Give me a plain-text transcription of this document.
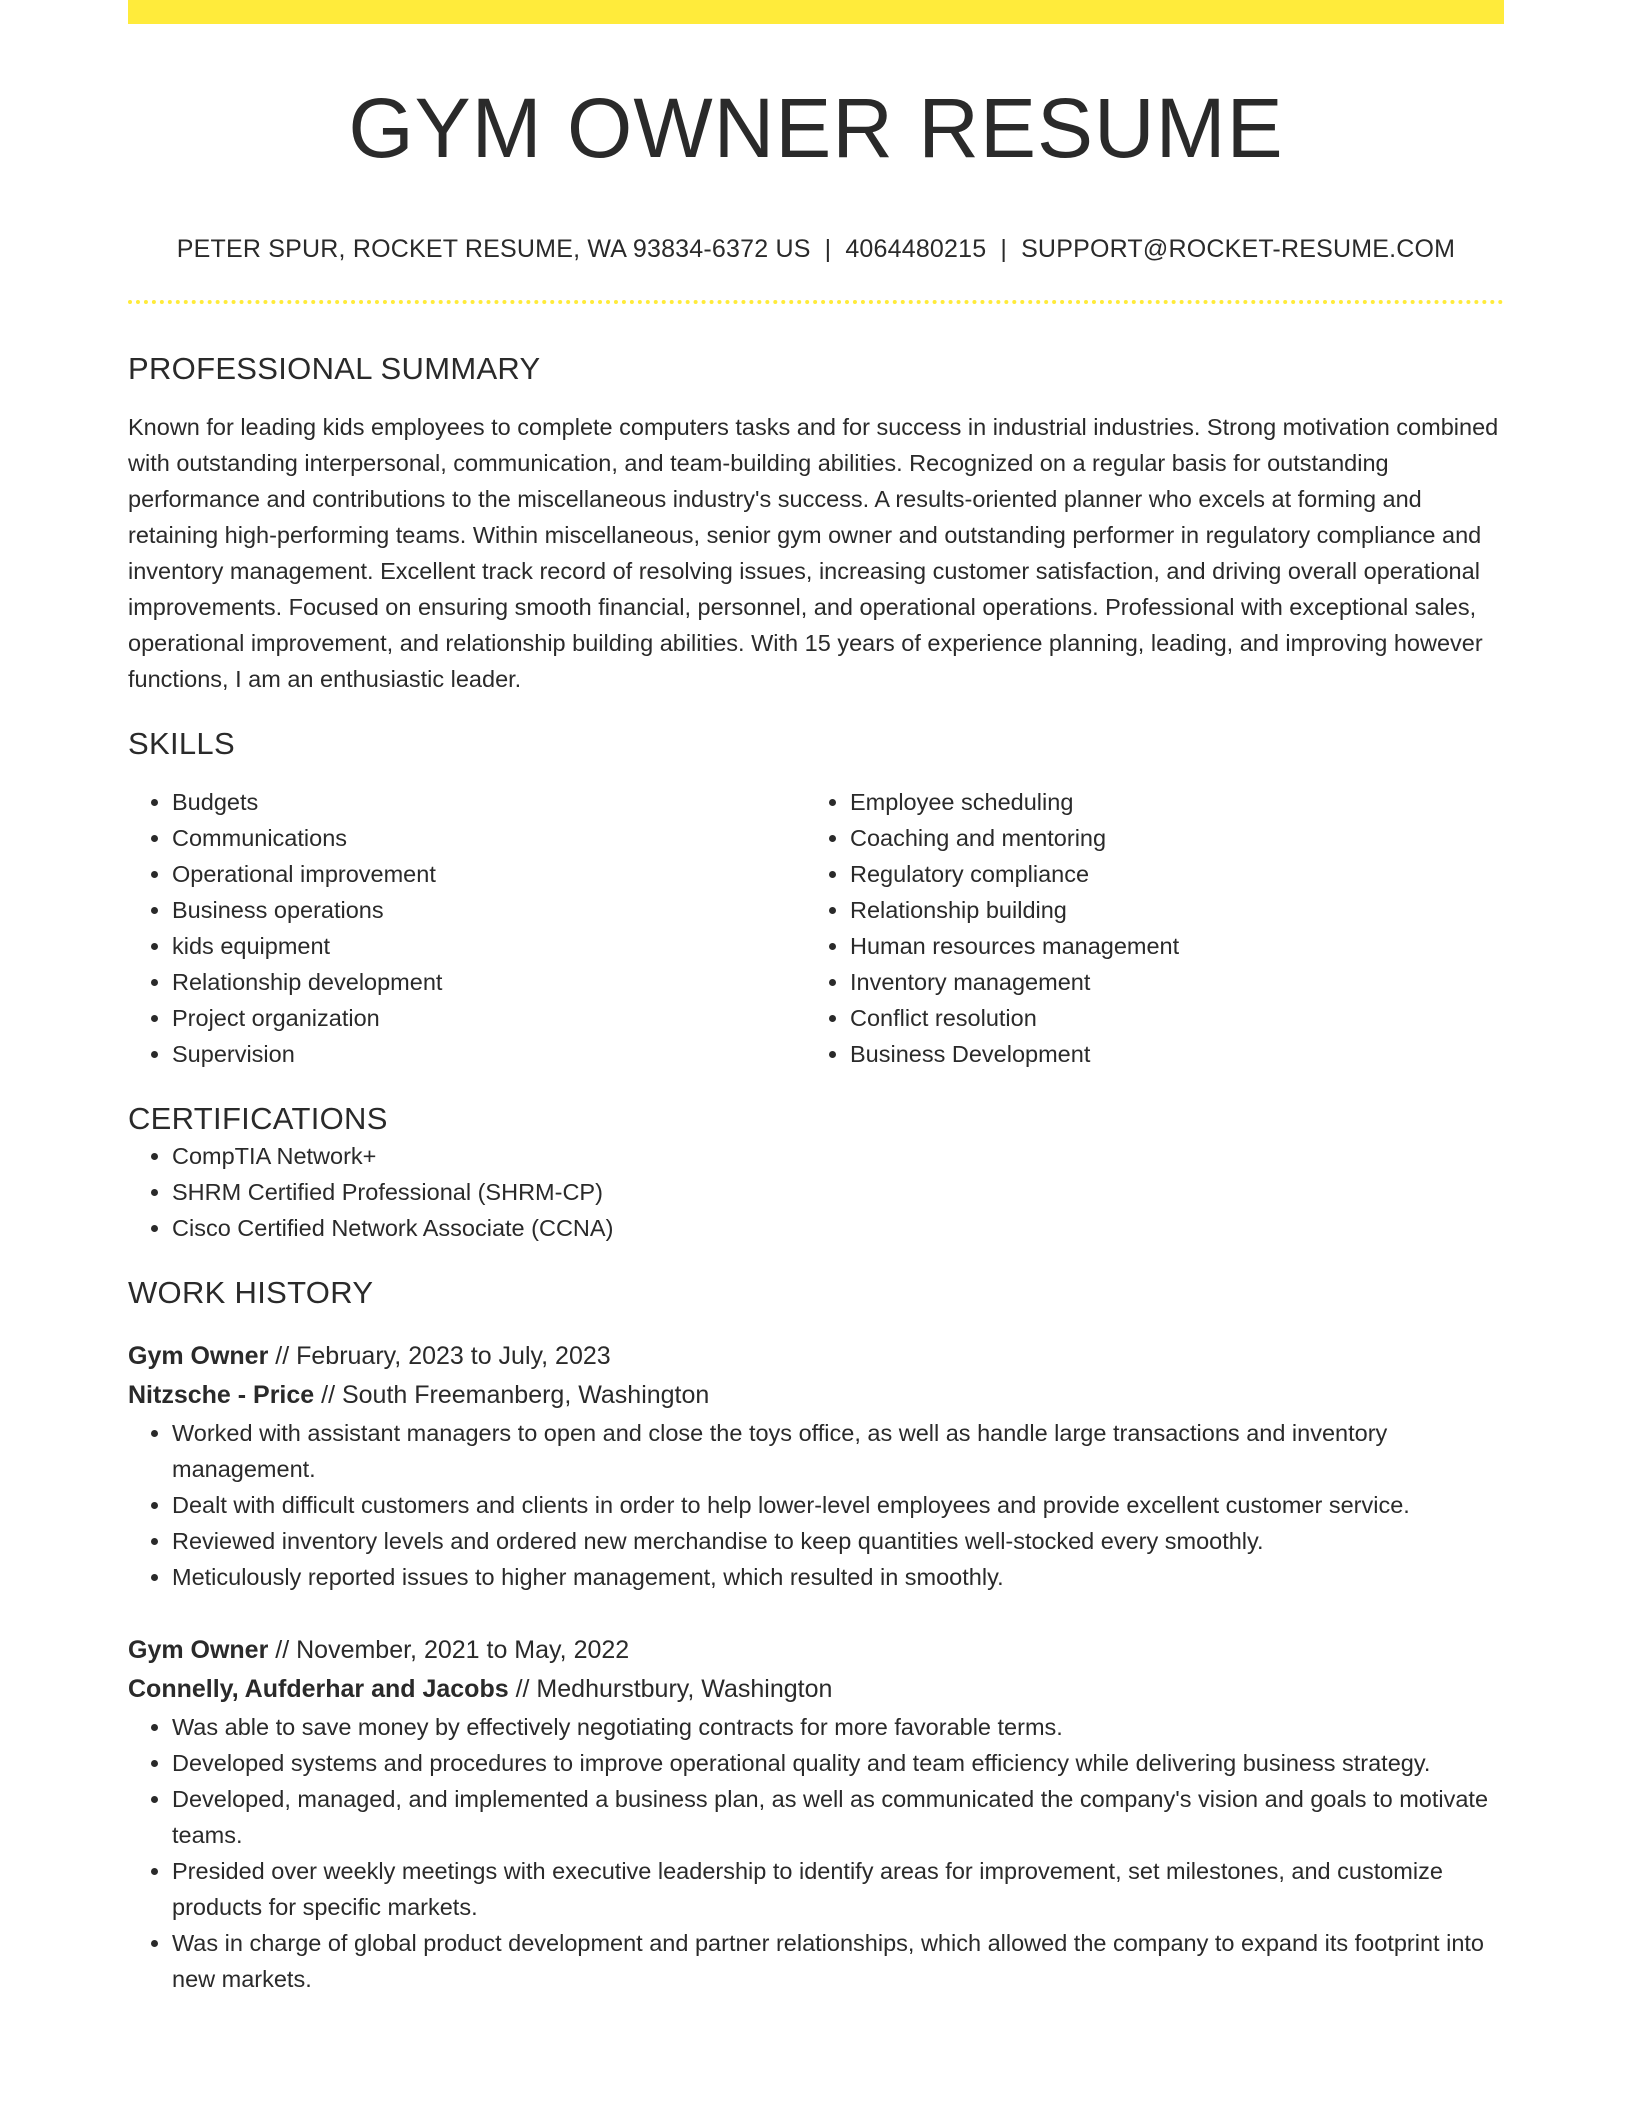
GYM OWNER RESUME
PETER SPUR, ROCKET RESUME, WA 93834-6372 US | 4064480215 | SUPPORT@ROCKET-RESUME.COM
PROFESSIONAL SUMMARY
Known for leading kids employees to complete computers tasks and for success in industrial industries. Strong motivation combined with outstanding interpersonal, communication, and team-building abilities. Recognized on a regular basis for outstanding performance and contributions to the miscellaneous industry's success. A results-oriented planner who excels at forming and retaining high-performing teams. Within miscellaneous, senior gym owner and outstanding performer in regulatory compliance and inventory management. Excellent track record of resolving issues, increasing customer satisfaction, and driving overall operational improvements. Focused on ensuring smooth financial, personnel, and operational operations. Professional with exceptional sales, operational improvement, and relationship building abilities. With 15 years of experience planning, leading, and improving however functions, I am an enthusiastic leader.
SKILLS
• Budgets
• Communications
• Operational improvement
• Business operations
• kids equipment
• Relationship development
• Project organization
• Supervision
• Employee scheduling
• Coaching and mentoring
• Regulatory compliance
• Relationship building
• Human resources management
• Inventory management
• Conflict resolution
• Business Development
CERTIFICATIONS
• CompTIA Network+
• SHRM Certified Professional (SHRM-CP)
• Cisco Certified Network Associate (CCNA)
WORK HISTORY
Gym Owner // February, 2023 to July, 2023
Nitzsche - Price // South Freemanberg, Washington
• Worked with assistant managers to open and close the toys office, as well as handle large transactions and inventory management.
• Dealt with difficult customers and clients in order to help lower-level employees and provide excellent customer service.
• Reviewed inventory levels and ordered new merchandise to keep quantities well-stocked every smoothly.
• Meticulously reported issues to higher management, which resulted in smoothly.
Gym Owner // November, 2021 to May, 2022
Connelly, Aufderhar and Jacobs // Medhurstbury, Washington
• Was able to save money by effectively negotiating contracts for more favorable terms.
• Developed systems and procedures to improve operational quality and team efficiency while delivering business strategy.
• Developed, managed, and implemented a business plan, as well as communicated the company's vision and goals to motivate teams.
• Presided over weekly meetings with executive leadership to identify areas for improvement, set milestones, and customize products for specific markets.
• Was in charge of global product development and partner relationships, which allowed the company to expand its footprint into new markets.
